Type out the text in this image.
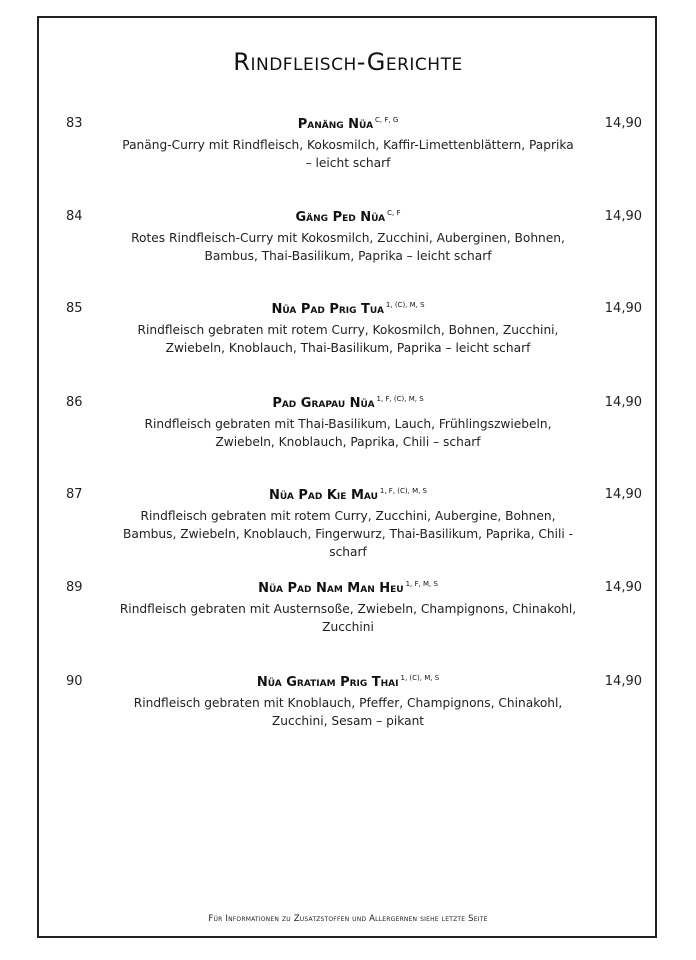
Rindfleisch-Gerichte
83	Panäng Nüa $^{C, F, G}$	14,90
Panäng-Curry mit Rindfleisch, Kokosmilch, Kaffir-Limettenblättern, Paprika – leicht scharf
84	Gäng Ped Nüa $^{C, F}$	14,90
Rotes Rindfleisch-Curry mit Kokosmilch, Zucchini, Auberginen, Bohnen, Bambus, Thai-Basilikum, Paprika – leicht scharf
85	Nüa Pad Prig Tua $^{1, (C), M, S}$	14,90
Rindfleisch gebraten mit rotem Curry, Kokosmilch, Bohnen, Zucchini, Zwiebeln, Knoblauch, Thai-Basilikum, Paprika – leicht scharf
86	Pad Grapau Nüa $^{1, F, (C), M, S}$	14,90
Rindfleisch gebraten mit Thai-Basilikum, Lauch, Frühlingszwiebeln, Zwiebeln, Knoblauch, Paprika, Chili – scharf
87	Nüa Pad Kie Mau $^{1, F, (C), M, S}$	14,90
Rindfleisch gebraten mit rotem Curry, Zucchini, Aubergine, Bohnen, Bambus, Zwiebeln, Knoblauch, Fingerwurz, Thai-Basilikum, Paprika, Chili - scharf
89	Nüa Pad Nam Man Heu $^{1, F, M, S}$	14,90
Rindfleisch gebraten mit Austernsoße, Zwiebeln, Champignons, Chinakohl, Zucchini
90	Nüa Gratiam Prig Thai $^{1, (C), M, S}$	14,90
Rindfleisch gebraten mit Knoblauch, Pfeffer, Champignons, Chinakohl, Zucchini, Sesam – pikant
Für Informationen zu Zusatzstoffen und Allergernen siehe letzte Seite
